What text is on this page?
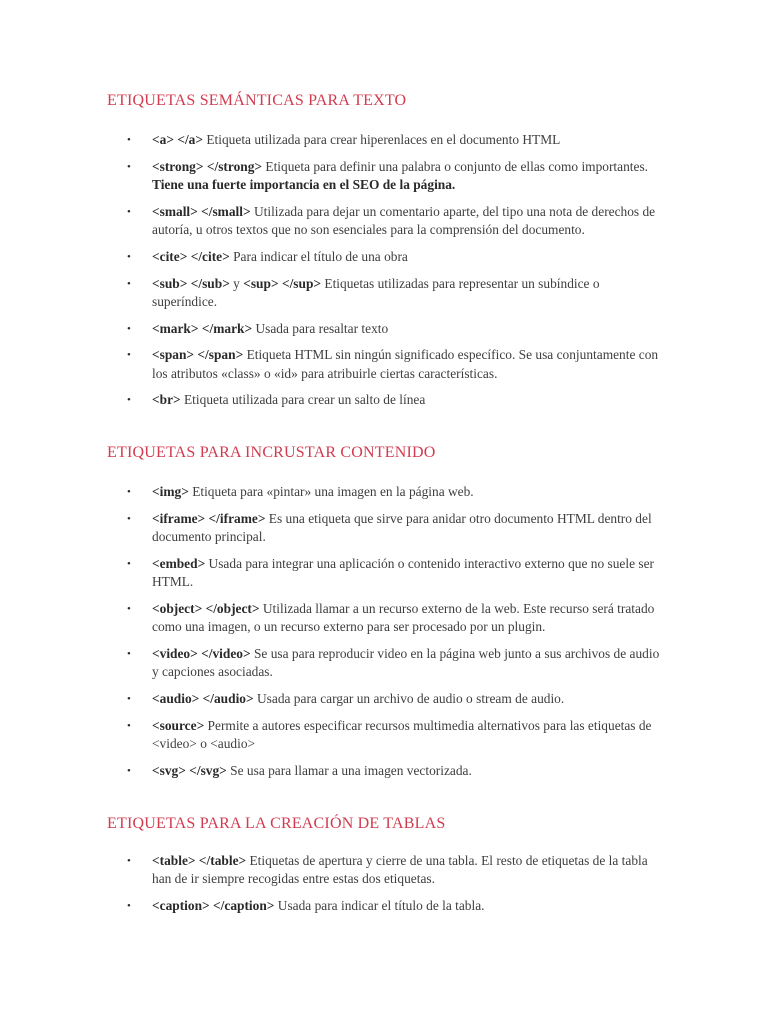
ETIQUETAS SEMÁNTICAS PARA TEXTO
• <a> </a> Etiqueta utilizada para crear hiperenlaces en el documento HTML
• <strong> </strong> Etiqueta para definir una palabra o conjunto de ellas como importantes. Tiene una fuerte importancia en el SEO de la página.
• <small> </small> Utilizada para dejar un comentario aparte, del tipo una nota de derechos de autoría, u otros textos que no son esenciales para la comprensión del documento.
• <cite> </cite> Para indicar el título de una obra
• <sub> </sub> y <sup> </sup> Etiquetas utilizadas para representar un subíndice o superíndice.
• <mark> </mark> Usada para resaltar texto
• <span> </span> Etiqueta HTML sin ningún significado específico. Se usa conjuntamente con los atributos «class» o «id» para atribuirle ciertas características.
• <br> Etiqueta utilizada para crear un salto de línea
ETIQUETAS PARA INCRUSTAR CONTENIDO
• <img> Etiqueta para «pintar» una imagen en la página web.
• <iframe> </iframe> Es una etiqueta que sirve para anidar otro documento HTML dentro del documento principal.
• <embed> Usada para integrar una aplicación o contenido interactivo externo que no suele ser HTML.
• <object> </object> Utilizada llamar a un recurso externo de la web. Este recurso será tratado como una imagen, o un recurso externo para ser procesado por un plugin.
• <video> </video> Se usa para reproducir video en la página web junto a sus archivos de audio y capciones asociadas.
• <audio> </audio> Usada para cargar un archivo de audio o stream de audio.
• <source> Permite a autores especificar recursos multimedia alternativos para las etiquetas de <video> o <audio>
• <svg> </svg> Se usa para llamar a una imagen vectorizada.
ETIQUETAS PARA LA CREACIÓN DE TABLAS
• <table> </table> Etiquetas de apertura y cierre de una tabla. El resto de etiquetas de la tabla han de ir siempre recogidas entre estas dos etiquetas.
• <caption> </caption> Usada para indicar el título de la tabla.
